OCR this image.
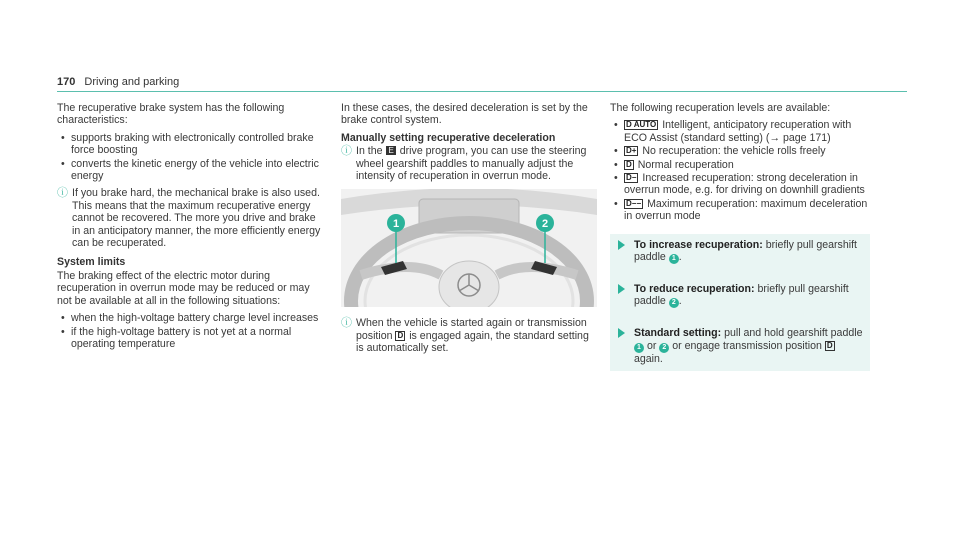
170 Driving and parking

The recuperative brake system has the following characteristics:

• supports braking with electronically controlled brake force boosting
• converts the kinetic energy of the vehicle into electric energy
ⓘ If you brake hard, the mechanical brake is also used. This means that the maximum recuperative energy cannot be recovered. The more you drive and brake in an anticipatory manner, the more efficiently energy can be recuperated.
System limits

The braking effect of the electric motor during recuperation in overrun mode may be reduced or may not be available at all in the following situations:

• when the high-voltage battery charge level increases
• if the high-voltage battery is not yet at a normal operating temperature

In these cases, the desired deceleration is set by the brake control system.

Manually setting recuperative deceleration
ⓘ In the E drive program, you can use the steering wheel gearshift paddles to manually adjust the intensity of recuperation in overrun mode.
1	2
ⓘ When the vehicle is started again or transmission position D is engaged again, the standard setting is automatically set.

The following recuperation levels are available:

• D AUTO Intelligent, anticipatory recuperation with ECO Assist (standard setting) (→ page 171)
• D+ No recuperation: the vehicle rolls freely
• D Normal recuperation
• D− Increased recuperation: strong deceleration in overrun mode, e.g. for driving on downhill gradients
• D−− Maximum recuperation: maximum deceleration in overrun mode
To increase recuperation: briefly pull gearshift paddle 1 .
To reduce recuperation: briefly pull gearshift paddle 2 .
Standard setting: pull and hold gearshift paddle 1 or 2 or engage transmission position D again.
